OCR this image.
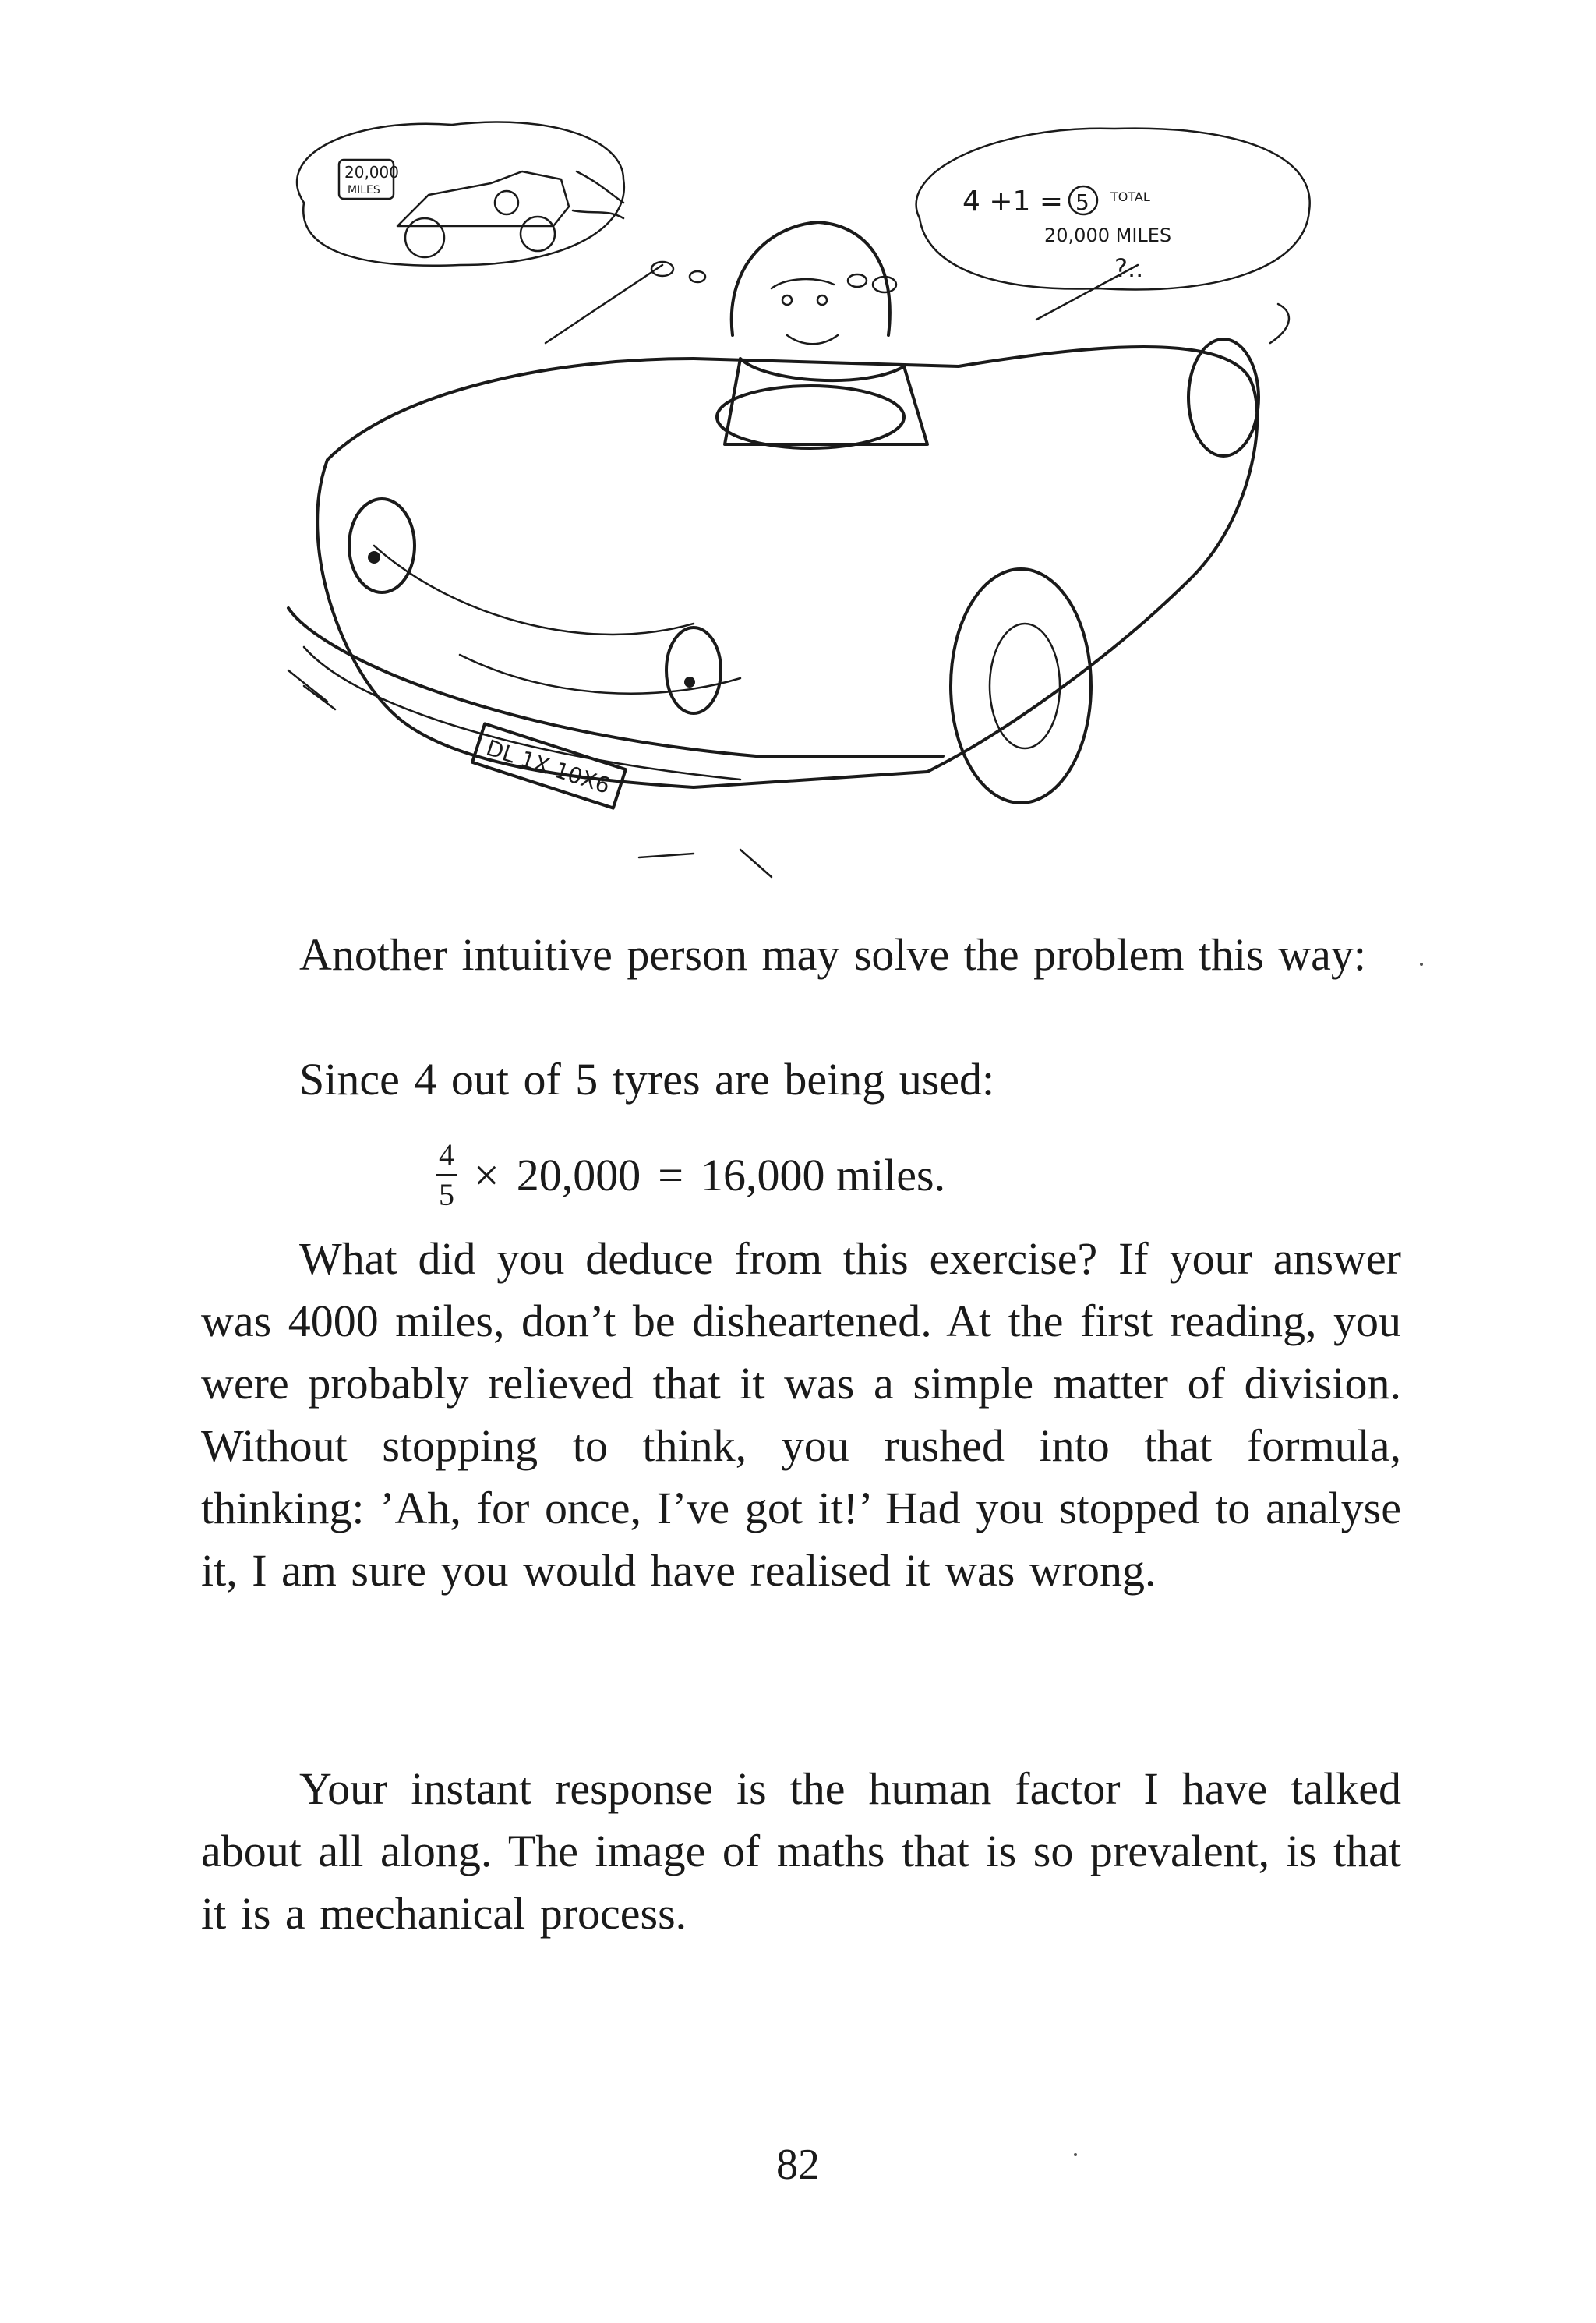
20,000
MILES	4 +1 = 5 TOTAL
20,000 MILES
?..
DL 1X 10X6
Another intuitive person may solve the problem this way:
Since 4 out of 5 tyres are being used:
$\frac{4}{5} \times 20,000 = 16,000$ miles.
What did you deduce from this exercise? If your answer was 4000 miles, don’t be disheartened. At the first reading, you were probably relieved that it was a simple matter of division. Without stopping to think, you rushed into that formula, thinking: ’Ah, for once, I’ve got it!’ Had you stopped to analyse it, I am sure you would have realised it was wrong.
Your instant response is the human factor I have talked about all along. The image of maths that is so prevalent, is that it is a mechanical process.
82
